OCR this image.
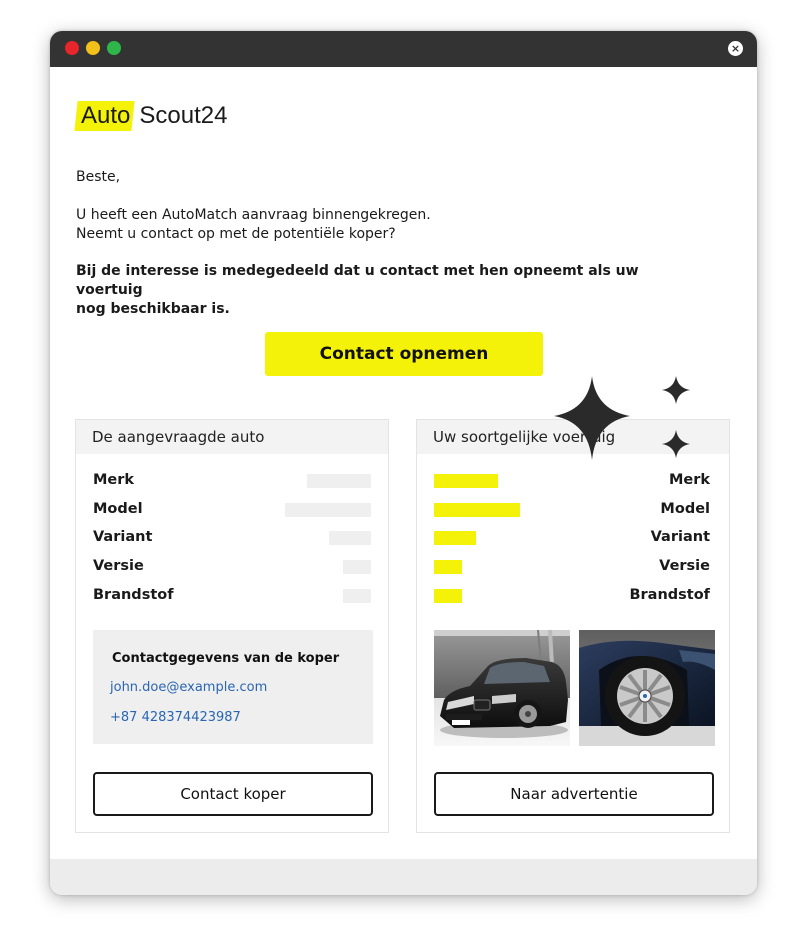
×
Auto Scout24
Beste,
U heeft een AutoMatch aanvraag binnengekregen.
Neemt u contact op met de potentiële koper?
Bij de interesse is medegedeeld dat u contact met hen opneemt als uw voertuig
nog beschikbaar is.
Contact opnemen
De aangevraagde auto
Merk
Model
Variant
Versie
Brandstof
Contactgegevens van de koper
john.doe@example.com
+87 428374423987
Contact koper
Uw soortgelijke voertuig
Merk
Model
Variant
Versie
Brandstof
Naar advertentie
